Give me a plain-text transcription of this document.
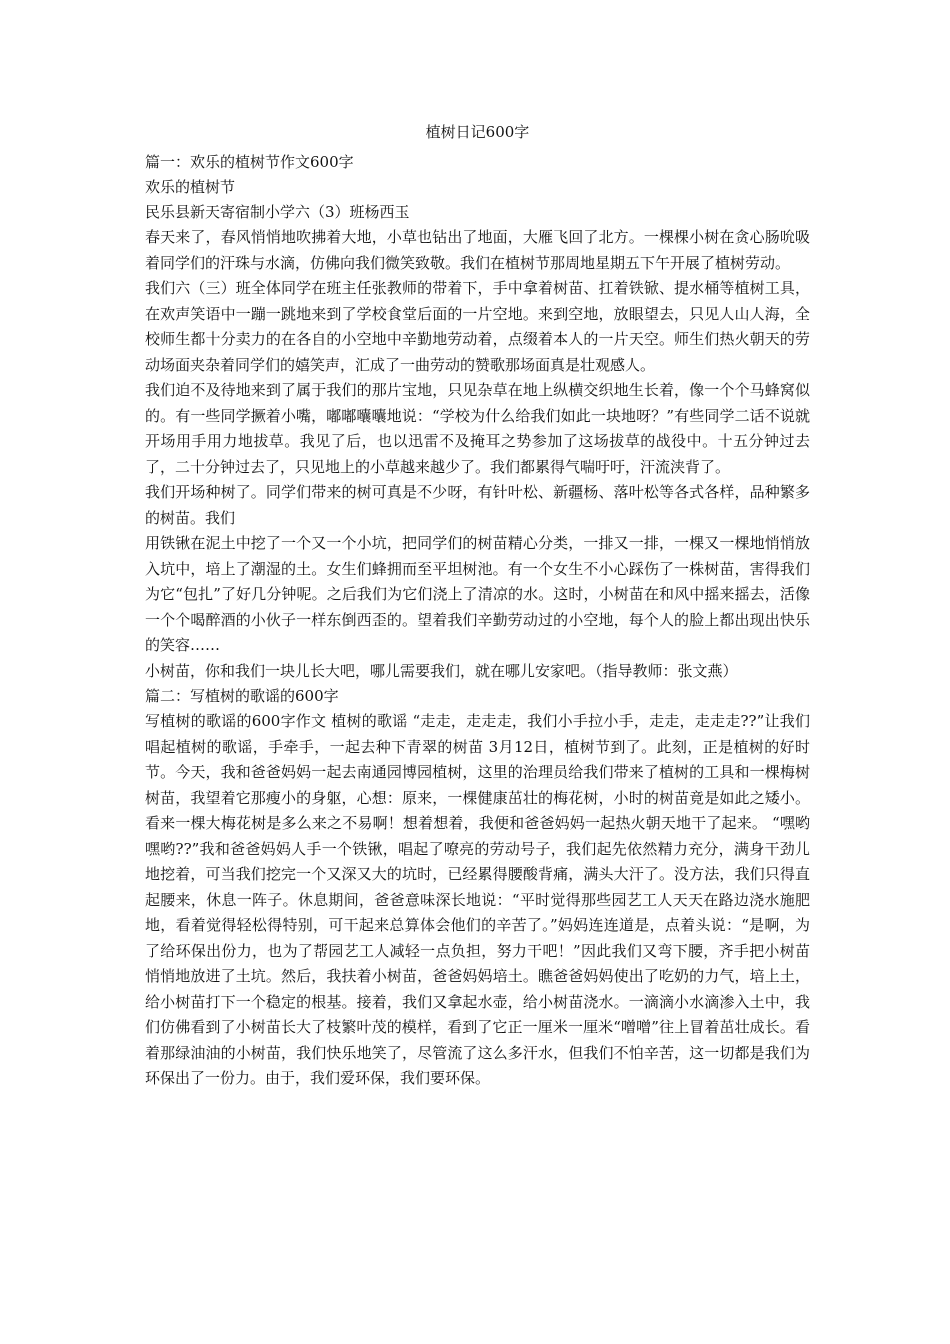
植树日记600字

篇一：欢乐的植树节作文600字

欢乐的植树节

民乐县新天寄宿制小学六（3）班杨西玉

春天来了，春风悄悄地吹拂着大地，小草也钻出了地面，大雁飞回了北方。一棵棵小树在贪心肠吮吸着同学们的汗珠与水滴，仿佛向我们微笑致敬。我们在植树节那周地星期五下午开展了植树劳动。

我们六（三）班全体同学在班主任张教师的带着下，手中拿着树苗、扛着铁锨、提水桶等植树工具，在欢声笑语中一蹦一跳地来到了学校食堂后面的一片空地。来到空地，放眼望去，只见人山人海，全校师生都十分卖力的在各自的小空地中辛勤地劳动着，点缀着本人的一片天空。师生们热火朝天的劳动场面夹杂着同学们的嬉笑声，汇成了一曲劳动的赞歌那场面真是壮观感人。

我们迫不及待地来到了属于我们的那片宝地，只见杂草在地上纵横交织地生长着，像一个个马蜂窝似的。有一些同学撅着小嘴，嘟嘟囔囔地说：“学校为什么给我们如此一块地呀？”有些同学二话不说就开场用手用力地拔草。我见了后，也以迅雷不及掩耳之势参加了这场拔草的战役中。十五分钟过去了，二十分钟过去了，只见地上的小草越来越少了。我们都累得气喘吁吁，汗流浃背了。

我们开场种树了。同学们带来的树可真是不少呀，有针叶松、新疆杨、落叶松等各式各样，品种繁多的树苗。我们

用铁锹在泥土中挖了一个又一个小坑，把同学们的树苗精心分类，一排又一排，一棵又一棵地悄悄放入坑中，培上了潮湿的土。女生们蜂拥而至平坦树池。有一个女生不小心踩伤了一株树苗，害得我们为它“包扎”了好几分钟呢。之后我们为它们浇上了清凉的水。这时，小树苗在和风中摇来摇去，活像一个个喝醉酒的小伙子一样东倒西歪的。望着我们辛勤劳动过的小空地，每个人的脸上都出现出快乐的笑容……

小树苗，你和我们一块儿长大吧，哪儿需要我们，就在哪儿安家吧。（指导教师：张文燕）

篇二：写植树的歌谣的600字

写植树的歌谣的600字作文 植树的歌谣 “走走，走走走，我们小手拉小手，走走，走走走??”让我们唱起植树的歌谣，手牵手，一起去种下青翠的树苗 3月12日，植树节到了。此刻，正是植树的好时节。今天，我和爸爸妈妈一起去南通园博园植树，这里的治理员给我们带来了植树的工具和一棵梅树树苗，我望着它那瘦小的身躯，心想：原来，一棵健康茁壮的梅花树，小时的树苗竟是如此之矮小。看来一棵大梅花树是多么来之不易啊！想着想着，我便和爸爸妈妈一起热火朝天地干了起来。 “嘿哟嘿哟??”我和爸爸妈妈人手一个铁锹，唱起了嘹亮的劳动号子，我们起先依然精力充分，满身干劲儿地挖着，可当我们挖完一个又深又大的坑时，已经累得腰酸背痛，满头大汗了。没方法，我们只得直起腰来，休息一阵子。休息期间，爸爸意味深长地说：“平时觉得那些园艺工人天天在路边浇水施肥地，看着觉得轻松得特别，可干起来总算体会他们的辛苦了。”妈妈连连道是，点着头说：“是啊，为了给环保出份力，也为了帮园艺工人减轻一点负担，努力干吧！”因此我们又弯下腰，齐手把小树苗悄悄地放进了土坑。然后，我扶着小树苗，爸爸妈妈培土。瞧爸爸妈妈使出了吃奶的力气，培上土，给小树苗打下一个稳定的根基。接着，我们又拿起水壶，给小树苗浇水。一滴滴小水滴渗入土中，我们仿佛看到了小树苗长大了枝繁叶茂的模样，看到了它正一厘米一厘米“噌噌”往上冒着茁壮成长。看着那绿油油的小树苗，我们快乐地笑了，尽管流了这么多汗水，但我们不怕辛苦，这一切都是我们为环保出了一份力。由于，我们爱环保，我们要环保。
